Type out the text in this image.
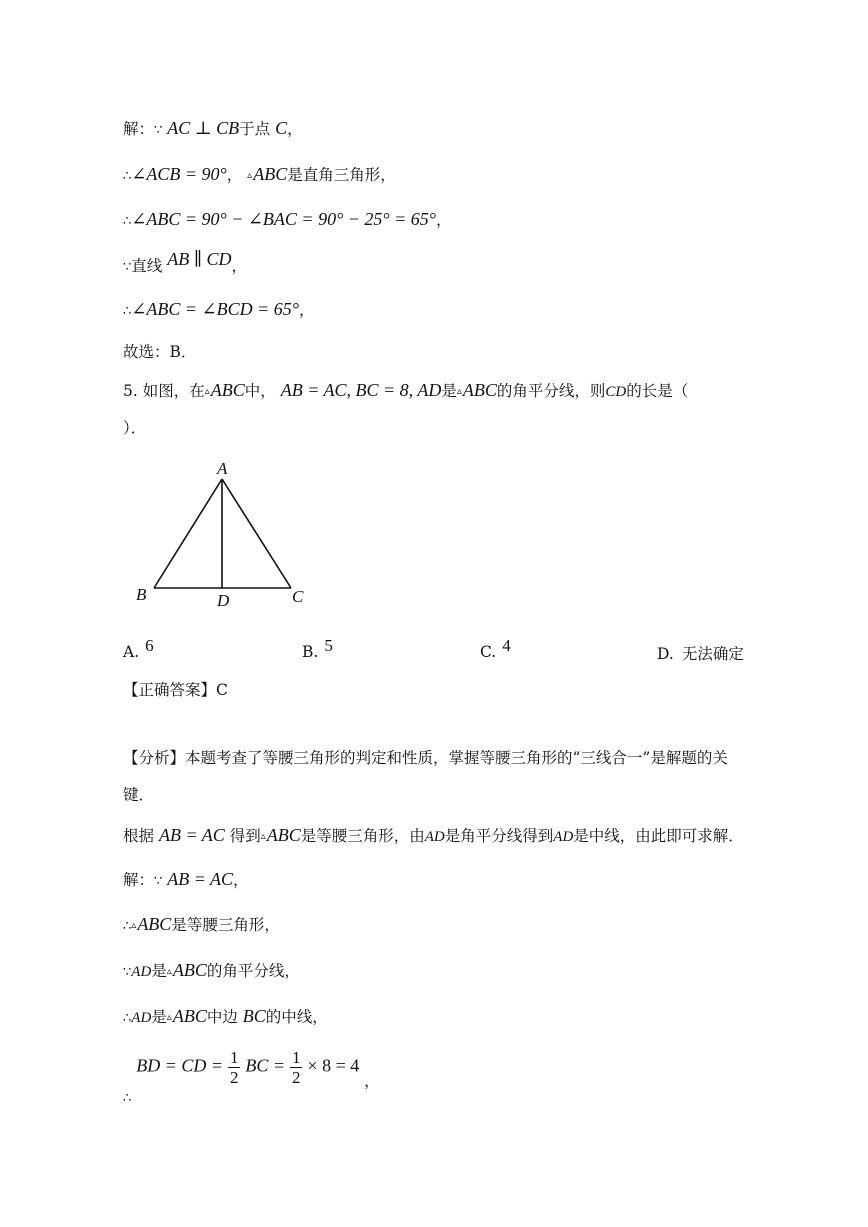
解：∵ AC ⊥ CB于点 C，
∴∠ACB = 90°， ▵ABC是直角三角形，
∴∠ABC = 90° − ∠BAC = 90° − 25° = 65°，
∵直线 AB ∥ CD，
∴∠ABC = ∠BCD = 65°，
故选：B．
5. 如图，在▵ABC中， AB = AC, BC = 8, AD是▵ABC的角平分线，则CD的长是（
）．
A
B	D	C
A. 6	B. 5	C. 4	D. 无法确定
【正确答案】C
【分析】本题考查了等腰三角形的判定和性质，掌握等腰三角形的“三线合一”是解题的关
键．
根据 AB = AC 得到▵ABC是等腰三角形，由AD是角平分线得到AD是中线，由此即可求解．
解：∵ AB = AC，
∴▵ABC是等腰三角形，
∵AD是▵ABC的角平分线，
∴AD是▵ABC中边 BC的中线，
$_\therefore$ BD = CD = $\frac{1}{2}$ BC = $\frac{1}{2} \times 8 = 4$ ，
